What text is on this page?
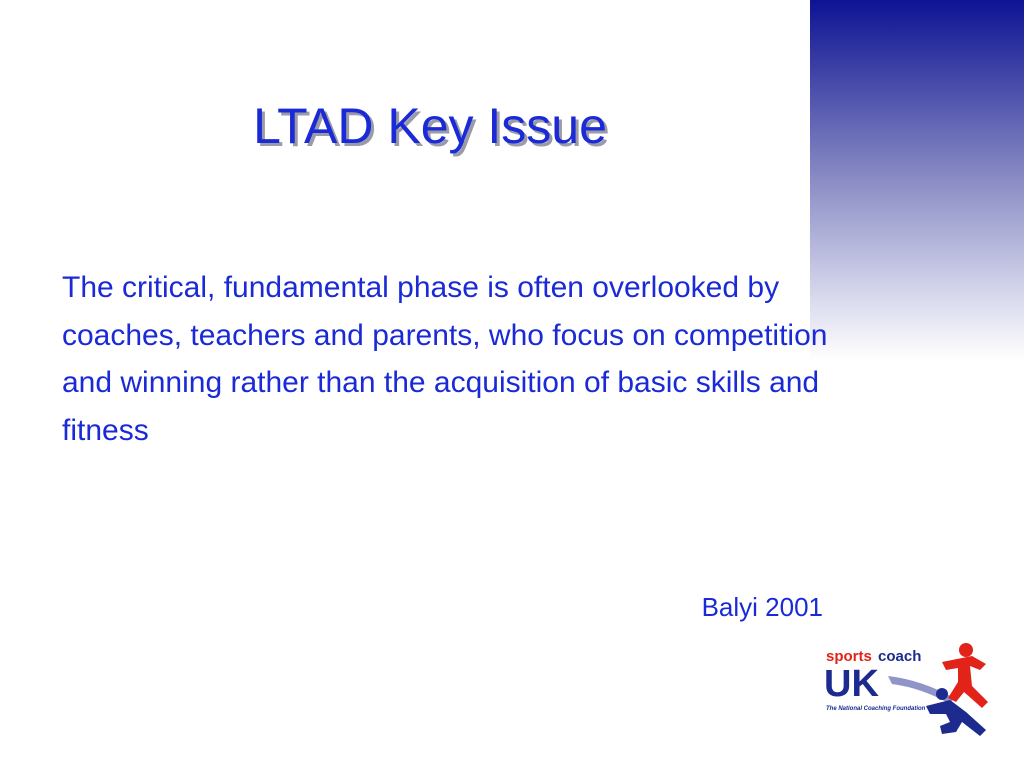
LTAD Key Issue

The critical, fundamental phase is often overlooked by coaches, teachers and parents, who focus on competition and winning rather than the acquisition of basic skills and fitness

Balyi 2001

sports coach
UK
The National Coaching Foundation
